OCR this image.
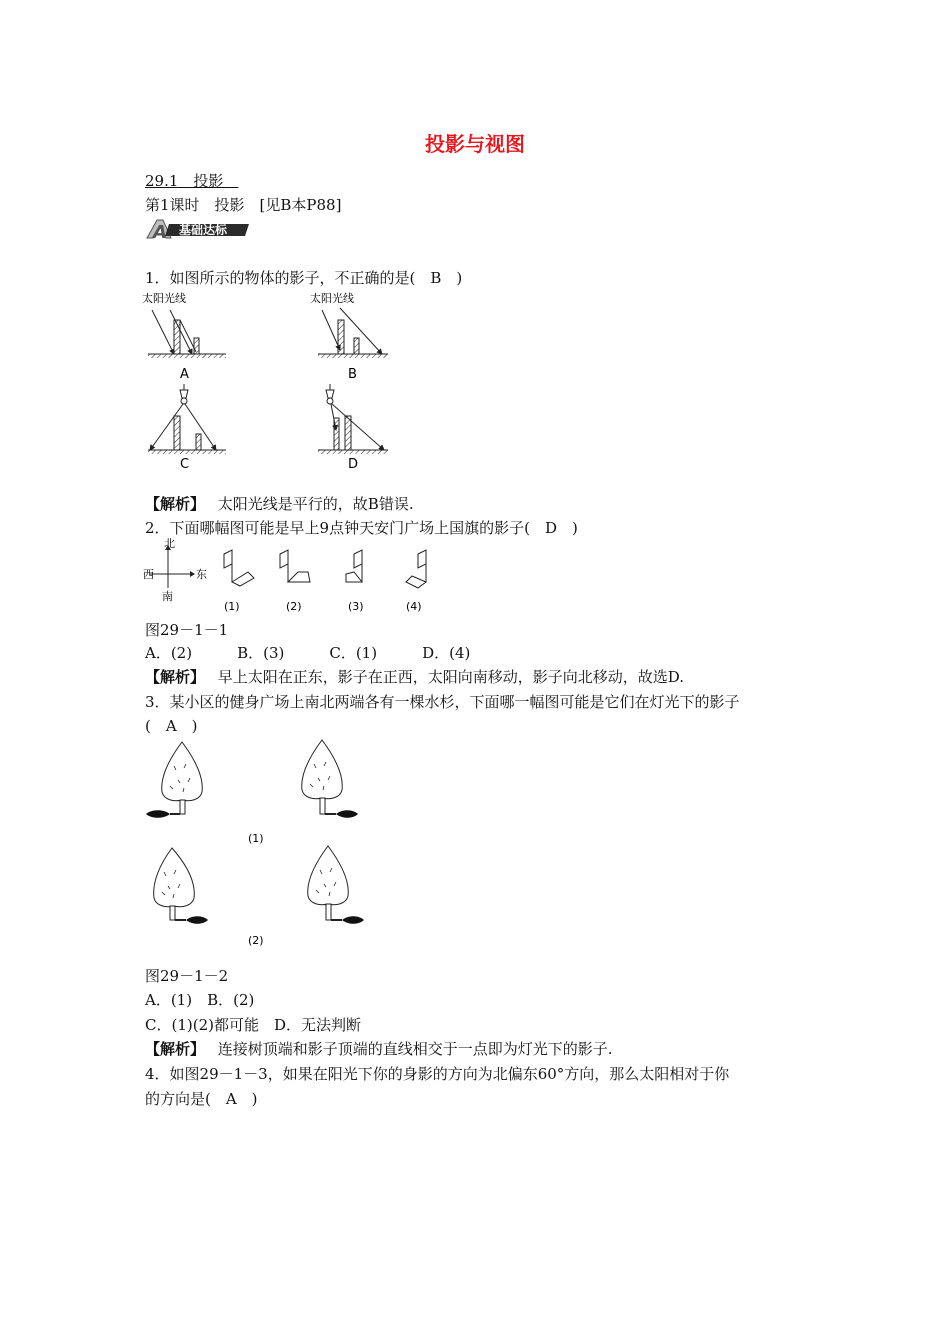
投影与视图
29.1　投影　
第1课时　投影　[见B本P88]
A 基础达标
1．如图所示的物体的影子，不正确的是(　B　)
太阳光线
A
太阳光线
B
C	D
【解析】 太阳光线是平行的，故B错误.
2．下面哪幅图可能是早上9点钟天安门广场上国旗的影子(　D　)
北
南
西	东
(1)	(2)	(3)	(4)
图29－1－1
A．(2)　　　B．(3)　　　C．(1)　　　D．(4)
【解析】 早上太阳在正东，影子在正西，太阳向南移动，影子向北移动，故选D.
3．某小区的健身广场上南北两端各有一棵水杉，下面哪一幅图可能是它们在灯光下的影子
(　A　)
(1)
(2)
图29－1－2
A．(1)　B．(2)
C．(1)(2)都可能　D．无法判断
【解析】 连接树顶端和影子顶端的直线相交于一点即为灯光下的影子.
4．如图29－1－3，如果在阳光下你的身影的方向为北偏东60°方向，那么太阳相对于你
的方向是(　A　)
